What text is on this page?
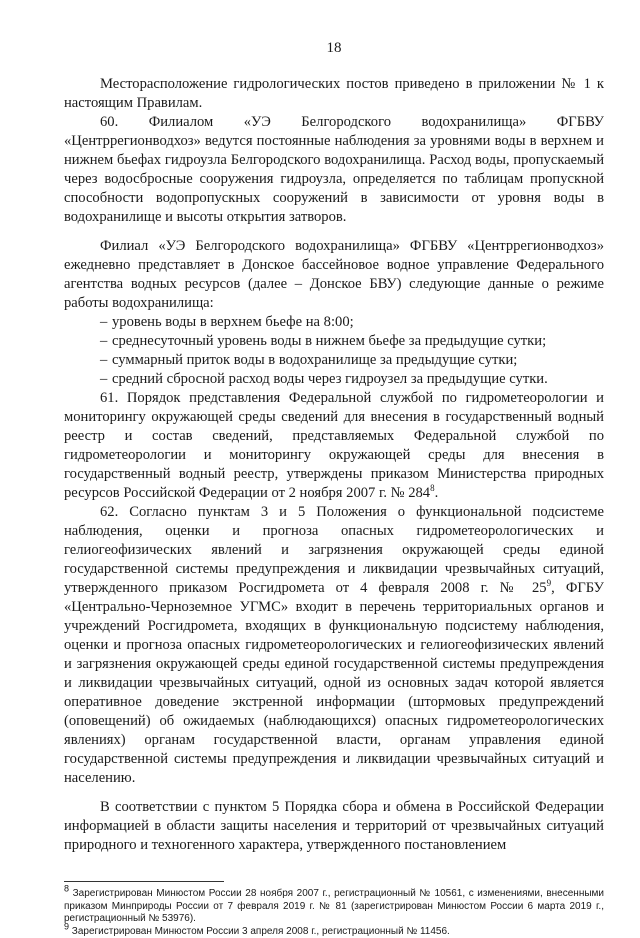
18

Месторасположение гидрологических постов приведено в приложении № 1 к настоящим Правилам.

60. Филиалом «УЭ Белгородского водохранилища» ФГБВУ «Центррегионводхоз» ведутся постоянные наблюдения за уровнями воды в верхнем и нижнем бьефах гидроузла Белгородского водохранилища. Расход воды, пропускаемый через водосбросные сооружения гидроузла, определяется по таблицам пропускной способности водопропускных сооружений в зависимости от уровня воды в водохранилище и высоты открытия затворов.

Филиал «УЭ Белгородского водохранилища» ФГБВУ «Центррегионводхоз» ежедневно представляет в Донское бассейновое водное управление Федерального агентства водных ресурсов (далее – Донское БВУ) следующие данные о режиме работы водохранилища:

– уровень воды в верхнем бьефе на 8:00;
– среднесуточный уровень воды в нижнем бьефе за предыдущие сутки;
– суммарный приток воды в водохранилище за предыдущие сутки;
– средний сбросной расход воды через гидроузел за предыдущие сутки.

61. Порядок представления Федеральной службой по гидрометеорологии и мониторингу окружающей среды сведений для внесения в государственный водный реестр и состав сведений, представляемых Федеральной службой по гидрометеорологии и мониторингу окружающей среды для внесения в государственный водный реестр, утверждены приказом Министерства природных ресурсов Российской Федерации от 2 ноября 2007 г. № $284^8$.

62. Согласно пунктам 3 и 5 Положения о функциональной подсистеме наблюдения, оценки и прогноза опасных гидрометеорологических и гелиогеофизических явлений и загрязнения окружающей среды единой государственной системы предупреждения и ликвидации чрезвычайных ситуаций, утвержденного приказом Росгидромета от 4 февраля 2008 г. № $25^9$, ФГБУ «Центрально-Черноземное УГМС» входит в перечень территориальных органов и учреждений Росгидромета, входящих в функциональную подсистему наблюдения, оценки и прогноза опасных гидрометеорологических и гелиогеофизических явлений и загрязнения окружающей среды единой государственной системы предупреждения и ликвидации чрезвычайных ситуаций, одной из основных задач которой является оперативное доведение экстренной информации (штормовых предупреждений (оповещений) об ожидаемых (наблюдающихся) опасных гидрометеорологических явлениях) органам государственной власти, органам управления единой государственной системы предупреждения и ликвидации чрезвычайных ситуаций и населению.

В соответствии с пунктом 5 Порядка сбора и обмена в Российской Федерации информацией в области защиты населения и территорий от чрезвычайных ситуаций природного и техногенного характера, утвержденного постановлением

$^8$ Зарегистрирован Минюстом России 28 ноября 2007 г., регистрационный № 10561, с изменениями, внесенными приказом Минприроды России от 7 февраля 2019 г. № 81 (зарегистрирован Минюстом России 6 марта 2019 г., регистрационный № 53976).

$^9$ Зарегистрирован Минюстом России 3 апреля 2008 г., регистрационный № 11456.
